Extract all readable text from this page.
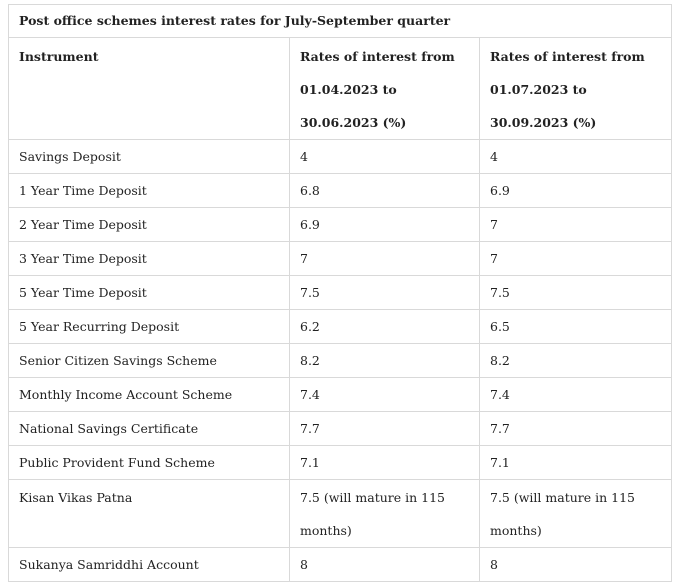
Post office schemes interest rates for July-September quarter		
Instrument	Rates of interest from 01.04.2023 to 30.06.2023 (%)	Rates of interest from 01.07.2023 to 30.09.2023 (%)
Savings Deposit	4	4
1 Year Time Deposit	6.8	6.9
2 Year Time Deposit	6.9	7
3 Year Time Deposit	7	7
5 Year Time Deposit	7.5	7.5
5 Year Recurring Deposit	6.2	6.5
Senior Citizen Savings Scheme	8.2	8.2
Monthly Income Account Scheme	7.4	7.4
National Savings Certificate	7.7	7.7
Public Provident Fund Scheme	7.1	7.1
Kisan Vikas Patna	7.5 (will mature in 115 months)	7.5 (will mature in 115 months)
Sukanya Samriddhi Account	8	8
